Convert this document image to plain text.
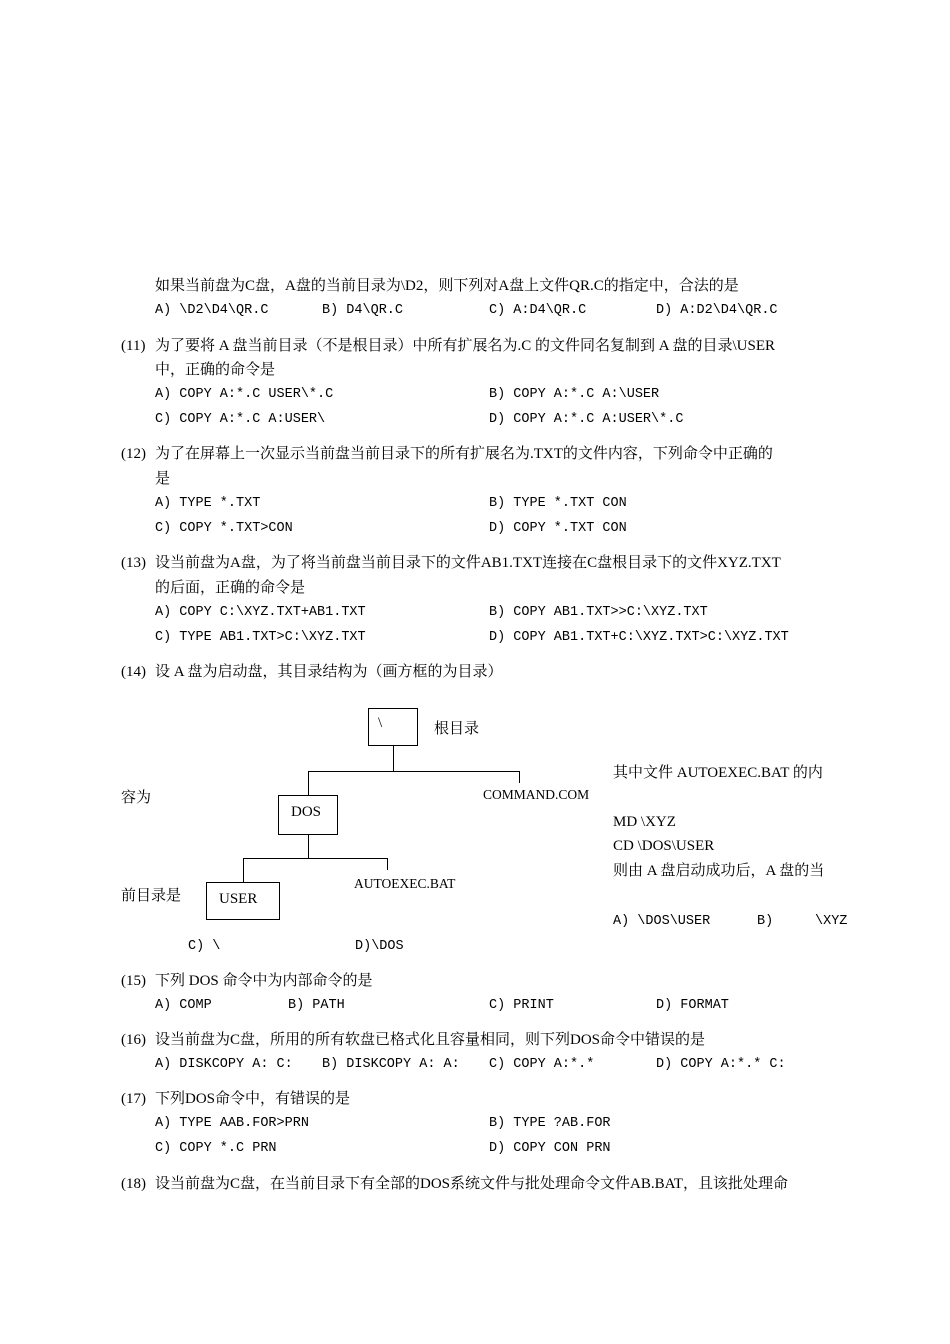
如果当前盘为C盘，A盘的当前目录为\D2，则下列对A盘上文件QR.C的指定中，合法的是
A) \D2\D4\QR.C	B) D4\QR.C	C) A:D4\QR.C	D) A:D2\D4\QR.C
(11) 为了要将 A 盘当前目录（不是根目录）中所有扩展名为.C 的文件同名复制到 A 盘的目录\USER
中，正确的命令是
A) COPY A:*.C USER\*.C	B) COPY A:*.C A:\USER
C) COPY A:*.C A:USER\	D) COPY A:*.C A:USER\*.C
(12) 为了在屏幕上一次显示当前盘当前目录下的所有扩展名为.TXT的文件内容，下列命令中正确的
是
A) TYPE *.TXT	B) TYPE *.TXT CON
C) COPY *.TXT>CON	D) COPY *.TXT CON
(13) 设当前盘为A盘，为了将当前盘当前目录下的文件AB1.TXT连接在C盘根目录下的文件XYZ.TXT
的后面，正确的命令是
A) COPY C:\XYZ.TXT+AB1.TXT	B) COPY AB1.TXT>>C:\XYZ.TXT
C) TYPE AB1.TXT>C:\XYZ.TXT	D) COPY AB1.TXT+C:\XYZ.TXT>C:\XYZ.TXT
(14) 设 A 盘为启动盘，其目录结构为（画方框的为目录）
\	根目录
COMMAND.COM
DOS
AUTOEXEC.BAT
USER
其中文件 AUTOEXEC.BAT 的内
容为
MD \XYZ
CD \DOS\USER
则由 A 盘启动成功后，A 盘的当
前目录是
A) \DOS\USER	B)	\XYZ
C) \	D)\DOS
(15) 下列 DOS 命令中为内部命令的是
A) COMP	B) PATH	C) PRINT	D) FORMAT
(16) 设当前盘为C盘，所用的所有软盘已格式化且容量相同，则下列DOS命令中错误的是
A) DISKCOPY A: C: B) DISKCOPY A: A: C) COPY A:*.*	D) COPY A:*.* C:
(17) 下列DOS命令中，有错误的是
A) TYPE AAB.FOR>PRN	B) TYPE ?AB.FOR
C) COPY *.C PRN	D) COPY CON PRN
(18) 设当前盘为C盘，在当前目录下有全部的DOS系统文件与批处理命令文件AB.BAT，且该批处理命
